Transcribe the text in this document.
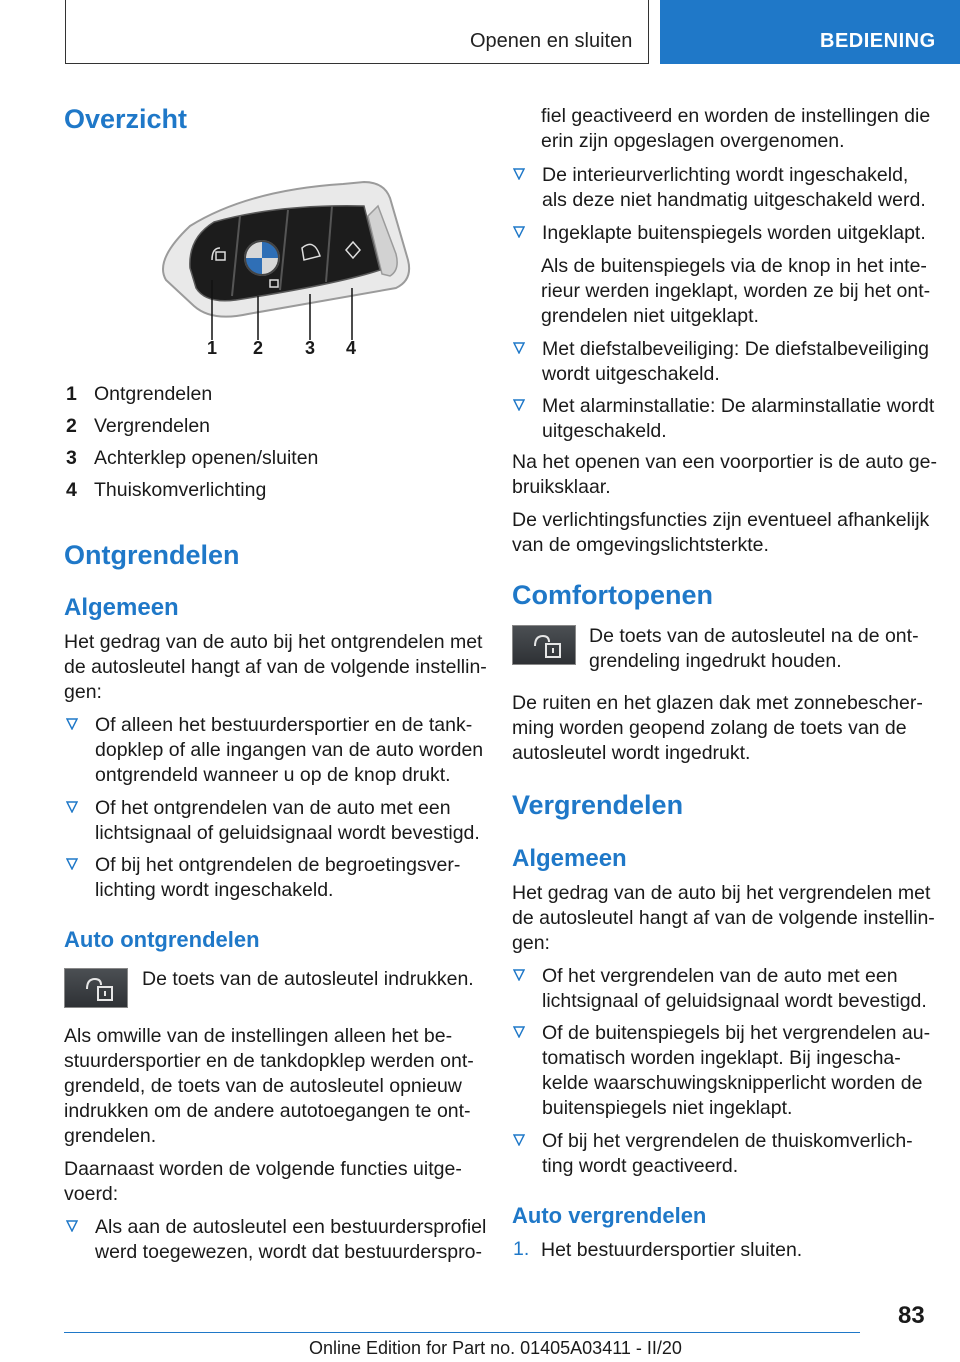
Openen en sluiten	BEDIENING
Overzicht
1 2 3 4
1 Ontgrendelen
2 Vergrendelen
3 Achterklep openen/sluiten
4 Thuiskomverlichting
Ontgrendelen
Algemeen
Het gedrag van de auto bij het ontgrendelen met
de autosleutel hangt af van de volgende instellin-
gen:
Of alleen het bestuurdersportier en de tank-
dopklep of alle ingangen van de auto worden
ontgrendeld wanneer u op de knop drukt.
Of het ontgrendelen van de auto met een
lichtsignaal of geluidsignaal wordt bevestigd.
Of bij het ontgrendelen de begroetingsver-
lichting wordt ingeschakeld.
Auto ontgrendelen
De toets van de autosleutel indrukken.
Als omwille van de instellingen alleen het be-
stuurdersportier en de tankdopklep werden ont-
grendeld, de toets van de autosleutel opnieuw
indrukken om de andere autotoegangen te ont-
grendelen.
Daarnaast worden de volgende functies uitge-
voerd:
Als aan de autosleutel een bestuurdersprofiel
werd toegewezen, wordt dat bestuurderspro-
fiel geactiveerd en worden de instellingen die
erin zijn opgeslagen overgenomen.
De interieurverlichting wordt ingeschakeld,
als deze niet handmatig uitgeschakeld werd.
Ingeklapte buitenspiegels worden uitgeklapt.
Als de buitenspiegels via de knop in het inte-
rieur werden ingeklapt, worden ze bij het ont-
grendelen niet uitgeklapt.
Met diefstalbeveiliging: De diefstalbeveiliging
wordt uitgeschakeld.
Met alarminstallatie: De alarminstallatie wordt
uitgeschakeld.
Na het openen van een voorportier is de auto ge-
bruiksklaar.
De verlichtingsfuncties zijn eventueel afhankelijk
van de omgevingslichtsterkte.
Comfortopenen
De toets van de autosleutel na de ont-
grendeling ingedrukt houden.
De ruiten en het glazen dak met zonnebescher-
ming worden geopend zolang de toets van de
autosleutel wordt ingedrukt.
Vergrendelen
Algemeen
Het gedrag van de auto bij het vergrendelen met
de autosleutel hangt af van de volgende instellin-
gen:
Of het vergrendelen van de auto met een
lichtsignaal of geluidsignaal wordt bevestigd.
Of de buitenspiegels bij het vergrendelen au-
tomatisch worden ingeklapt. Bij ingescha-
kelde waarschuwingsknipperlicht worden de
buitenspiegels niet ingeklapt.
Of bij het vergrendelen de thuiskomverlich-
ting wordt geactiveerd.
Auto vergrendelen
1. Het bestuurdersportier sluiten.
83
Online Edition for Part no. 01405A03411 - II/20
